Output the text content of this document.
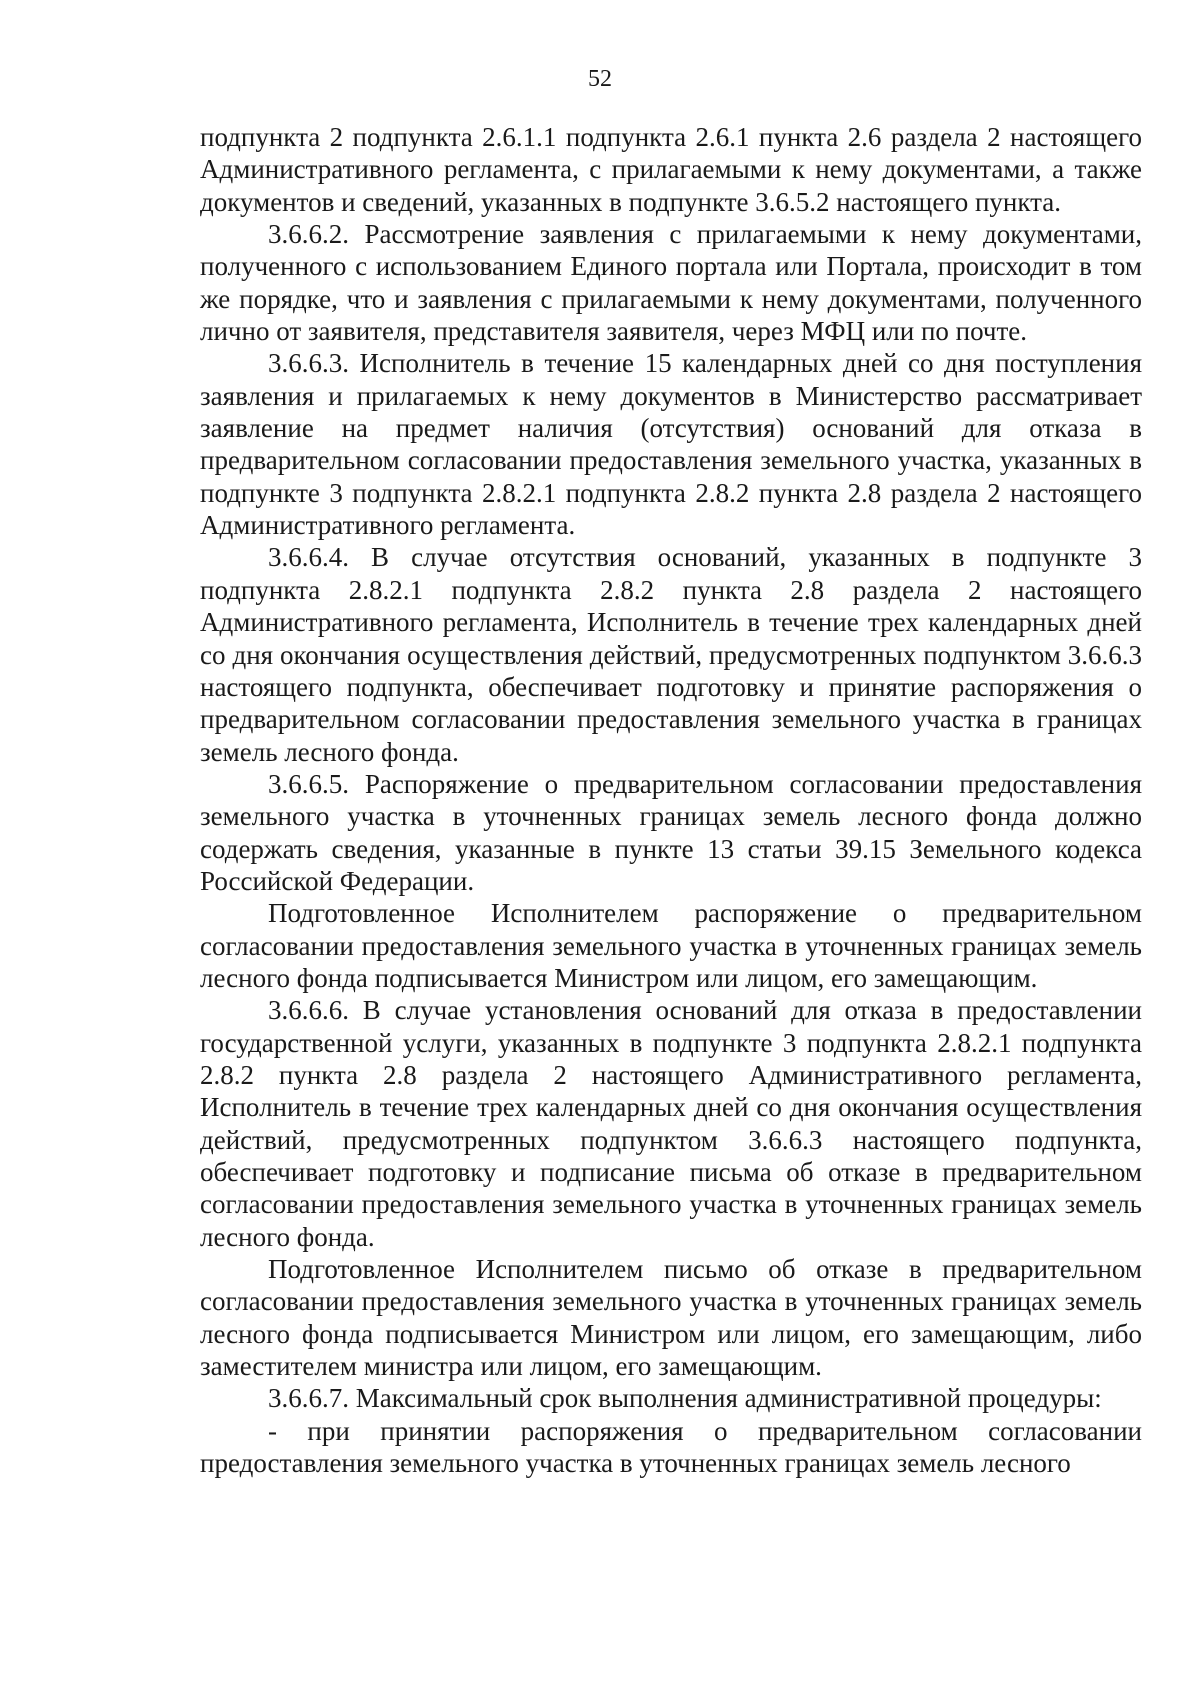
52

подпункта 2 подпункта 2.6.1.1 подпункта 2.6.1 пункта 2.6 раздела 2 настоящего Административного регламента, с прилагаемыми к нему документами, а также документов и сведений, указанных в подпункте 3.6.5.2 настоящего пункта.

3.6.6.2. Рассмотрение заявления с прилагаемыми к нему документами, полученного с использованием Единого портала или Портала, происходит в том же порядке, что и заявления с прилагаемыми к нему документами, полученного лично от заявителя, представителя заявителя, через МФЦ или по почте.

3.6.6.3. Исполнитель в течение 15 календарных дней со дня поступления заявления и прилагаемых к нему документов в Министерство рассматривает заявление на предмет наличия (отсутствия) оснований для отказа в предварительном согласовании предоставления земельного участка, указанных в подпункте 3 подпункта 2.8.2.1 подпункта 2.8.2 пункта 2.8 раздела 2 настоящего Административного регламента.

3.6.6.4. В случае отсутствия оснований, указанных в подпункте 3 подпункта 2.8.2.1 подпункта 2.8.2 пункта 2.8 раздела 2 настоящего Административного регламента, Исполнитель в течение трех календарных дней со дня окончания осуществления действий, предусмотренных подпунктом 3.6.6.3 настоящего подпункта, обеспечивает подготовку и принятие распоряжения о предварительном согласовании предоставления земельного участка в границах земель лесного фонда.

3.6.6.5. Распоряжение о предварительном согласовании предоставления земельного участка в уточненных границах земель лесного фонда должно содержать сведения, указанные в пункте 13 статьи 39.15 Земельного кодекса Российской Федерации.

Подготовленное Исполнителем распоряжение о предварительном согласовании предоставления земельного участка в уточненных границах земель лесного фонда подписывается Министром или лицом, его замещающим.

3.6.6.6. В случае установления оснований для отказа в предоставлении государственной услуги, указанных в подпункте 3 подпункта 2.8.2.1 подпункта 2.8.2 пункта 2.8 раздела 2 настоящего Административного регламента, Исполнитель в течение трех календарных дней со дня окончания осуществления действий, предусмотренных подпунктом 3.6.6.3 настоящего подпункта, обеспечивает подготовку и подписание письма об отказе в предварительном согласовании предоставления земельного участка в уточненных границах земель лесного фонда.

Подготовленное Исполнителем письмо об отказе в предварительном согласовании предоставления земельного участка в уточненных границах земель лесного фонда подписывается Министром или лицом, его замещающим, либо заместителем министра или лицом, его замещающим.

3.6.6.7. Максимальный срок выполнения административной процедуры:

- при принятии распоряжения о предварительном согласовании предоставления земельного участка в уточненных границах земель лесного
